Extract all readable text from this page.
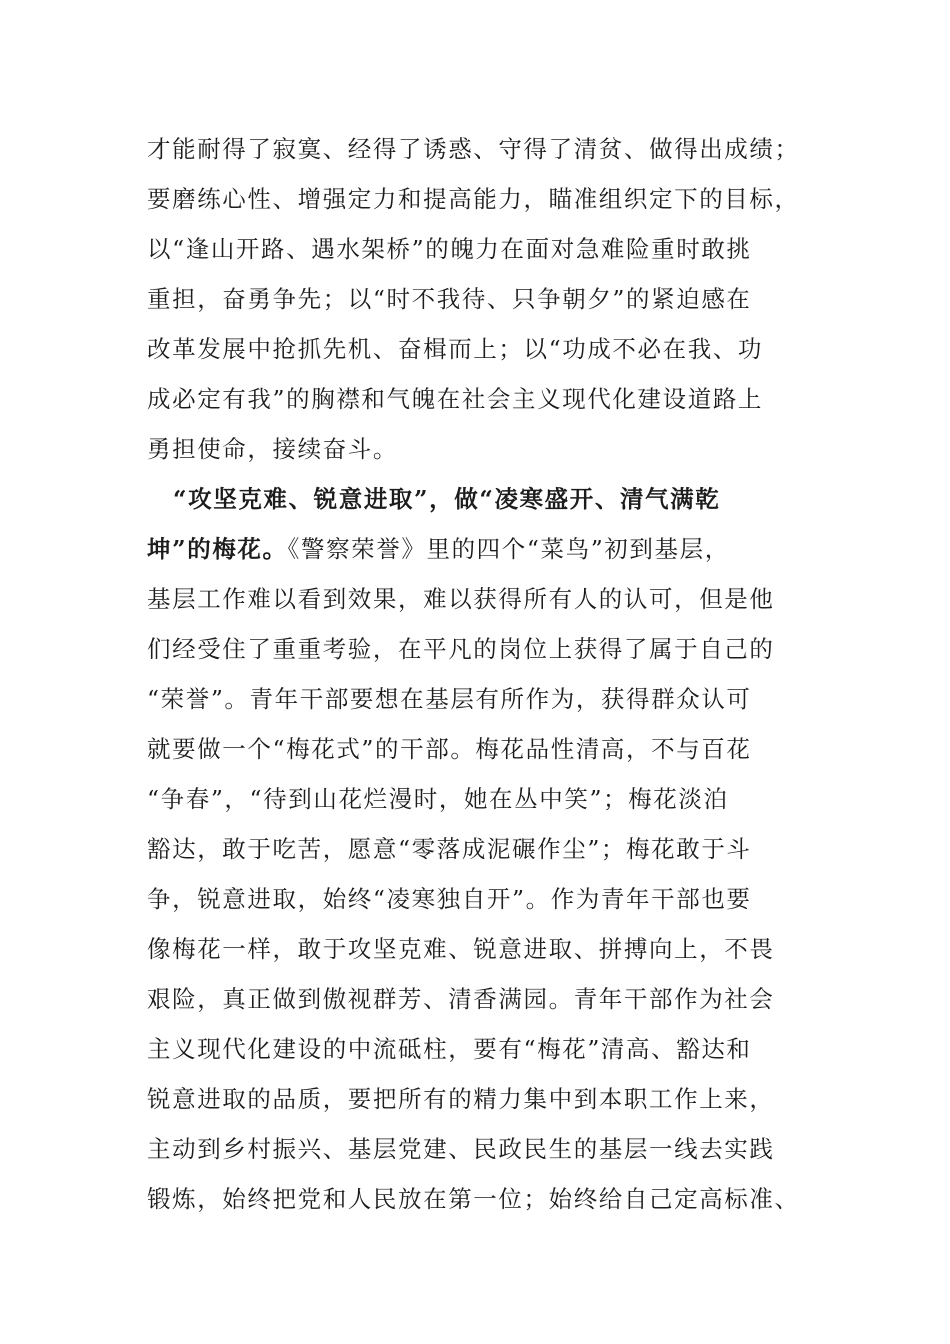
才能耐得了寂寞、经得了诱惑、守得了清贫、做得出成绩；
要磨练心性、增强定力和提高能力，瞄准组织定下的目标，
以“逢山开路、遇水架桥”的魄力在面对急难险重时敢挑
重担，奋勇争先；以“时不我待、只争朝夕”的紧迫感在
改革发展中抢抓先机、奋楫而上；以“功成不必在我、功
成必定有我”的胸襟和气魄在社会主义现代化建设道路上
勇担使命，接续奋斗。
“攻坚克难、锐意进取”，做“凌寒盛开、清气满乾
坤”的梅花。《警察荣誉》里的四个“菜鸟”初到基层，
基层工作难以看到效果，难以获得所有人的认可，但是他
们经受住了重重考验，在平凡的岗位上获得了属于自己的
“荣誉”。青年干部要想在基层有所作为，获得群众认可
就要做一个“梅花式”的干部。梅花品性清高，不与百花
“争春”，“待到山花烂漫时，她在丛中笑”；梅花淡泊
豁达，敢于吃苦，愿意“零落成泥碾作尘”；梅花敢于斗
争，锐意进取，始终“凌寒独自开”。作为青年干部也要
像梅花一样，敢于攻坚克难、锐意进取、拼搏向上，不畏
艰险，真正做到傲视群芳、清香满园。青年干部作为社会
主义现代化建设的中流砥柱，要有“梅花”清高、豁达和
锐意进取的品质，要把所有的精力集中到本职工作上来，
主动到乡村振兴、基层党建、民政民生的基层一线去实践
锻炼，始终把党和人民放在第一位；始终给自己定高标准、
